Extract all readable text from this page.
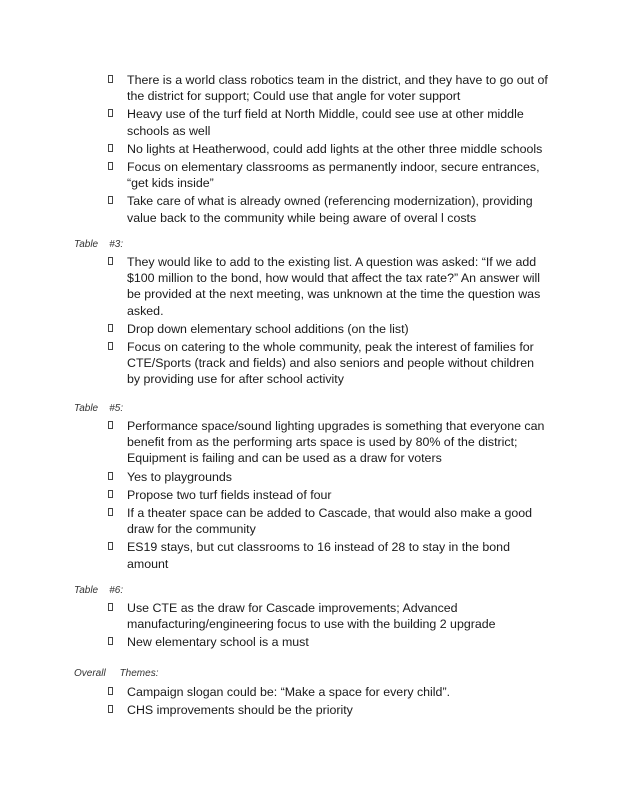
There is a world class robotics team in the district, and they have to go out of the district for support; Could use that angle for voter support
Heavy use of the turf field at North Middle, could see use at other middle schools as well
No lights at Heatherwood, could add lights at the other three middle schools
Focus on elementary classrooms as permanently indoor, secure entrances, “get kids inside”
Take care of what is already owned (referencing modernization), providing value back to the community while being aware of overal l costs
Table    #3:
They would like to add to the existing list. A question was asked: “If we add $100 million to the bond, how would that affect the tax rate?” An answer will be provided at the next meeting, was unknown at the time the question was asked.
Drop down elementary school additions (on the list)
Focus on catering to the whole community, peak the interest of families for CTE/Sports (track and fields) and also seniors and people without children by providing use for after school activity
Table    #5:
Performance space/sound lighting upgrades is something that everyone can benefit from as the performing arts space is used by 80% of the district; Equipment is failing and can be used as a draw for voters
Yes to playgrounds
Propose two turf fields instead of four
If a theater space can be added to Cascade, that would also make a good draw for the community
ES19 stays, but cut classrooms to 16 instead of 28 to stay in the bond amount
Table    #6:
Use CTE as the draw for Cascade improvements; Advanced manufacturing/engineering focus to use with the building 2 upgrade
New elementary school is a must
Overall     Themes:
Campaign slogan could be: “Make a space for every child”.
CHS improvements should be the priority
